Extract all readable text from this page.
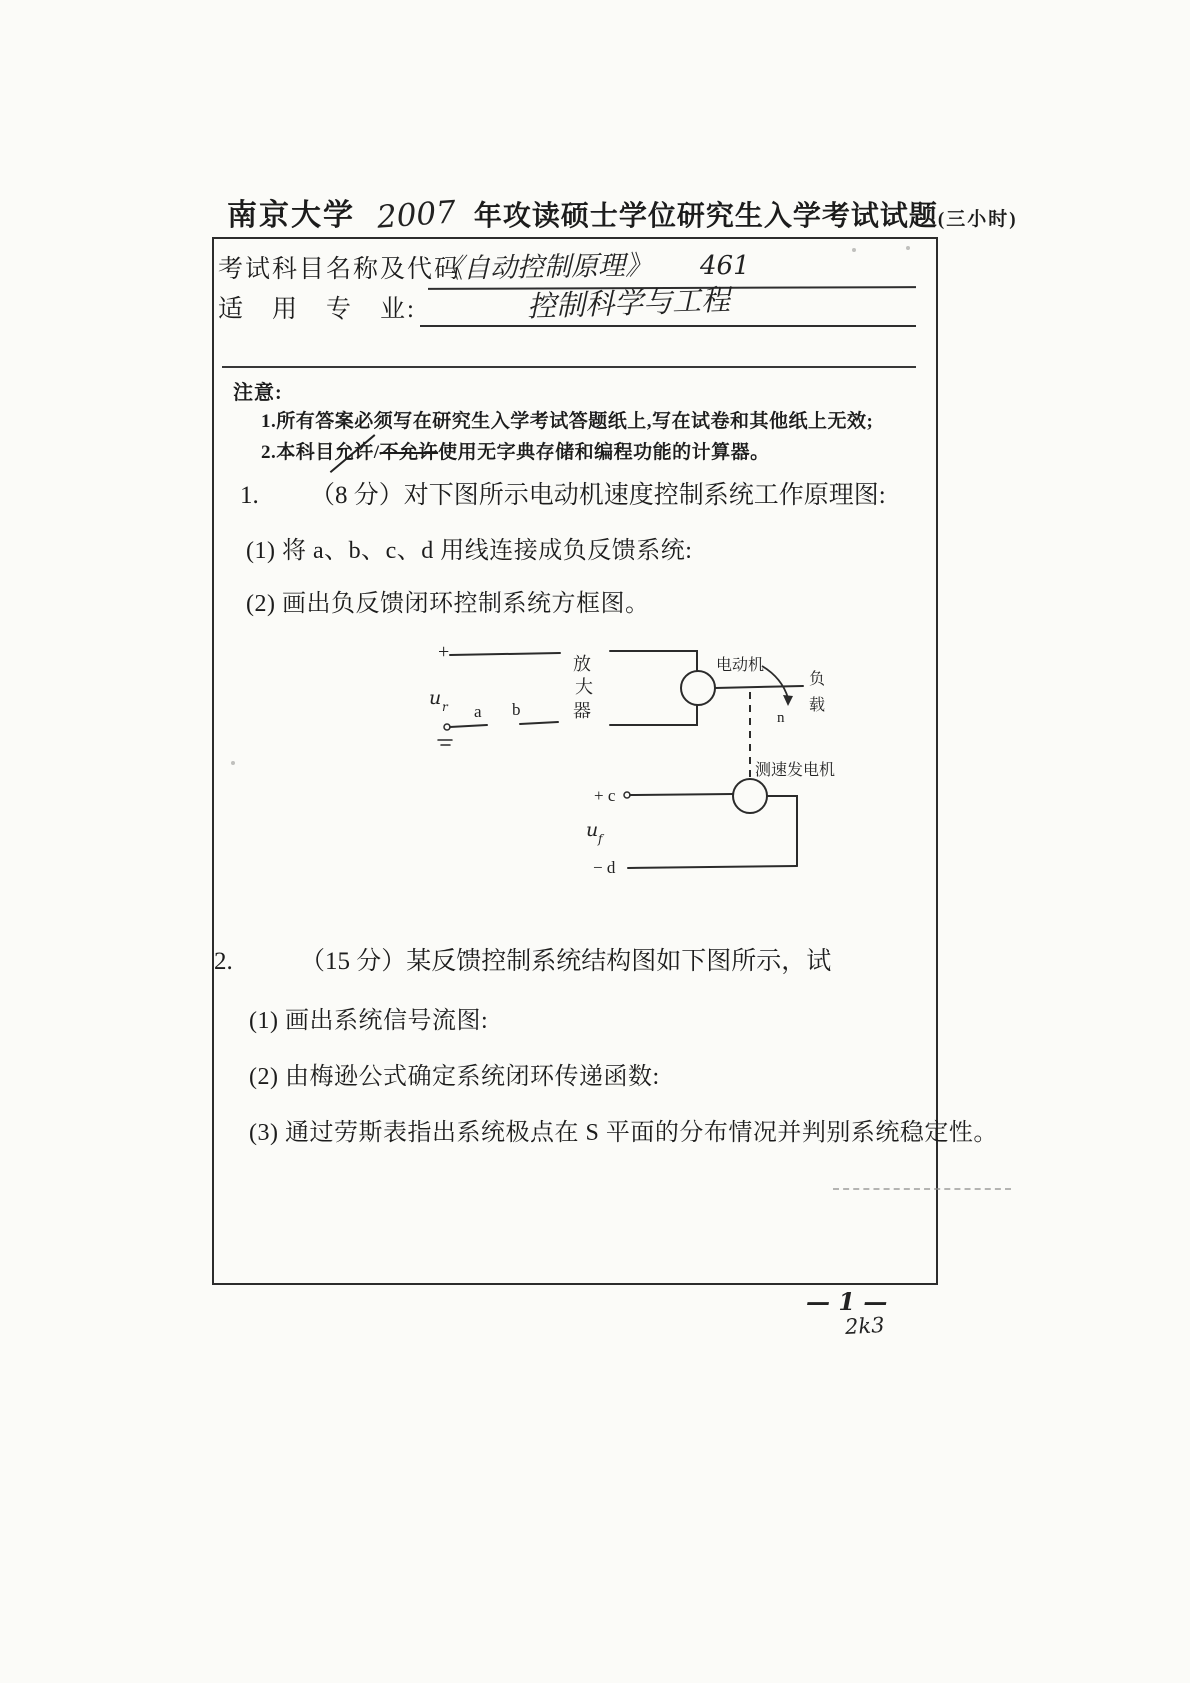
南京大学 2007 年攻读硕士学位研究生入学考试试题(三小时)
考试科目名称及代码
《自动控制原理》 461
适　用　专　业:	控制科学与工程
注意:
1.所有答案必须写在研究生入学考试答题纸上,写在试卷和其他纸上无效;
2.本科目允许/不允许使用无字典存储和编程功能的计算器。
1. （8 分）对下图所示电动机速度控制系统工作原理图:
(1) 将 a、b、c、d 用线连接成负反馈系统:
(2) 画出负反馈闭环控制系统方框图。
+
u r a b
放
大
器
电动机
n
负
载
测速发电机
+ c
u f
− d
2.	（15 分）某反馈控制系统结构图如下图所示，试
(1) 画出系统信号流图:
(2) 由梅逊公式确定系统闭环传递函数:
(3) 通过劳斯表指出系统极点在 S 平面的分布情况并判别系统稳定性。
— 1 —
2k3
